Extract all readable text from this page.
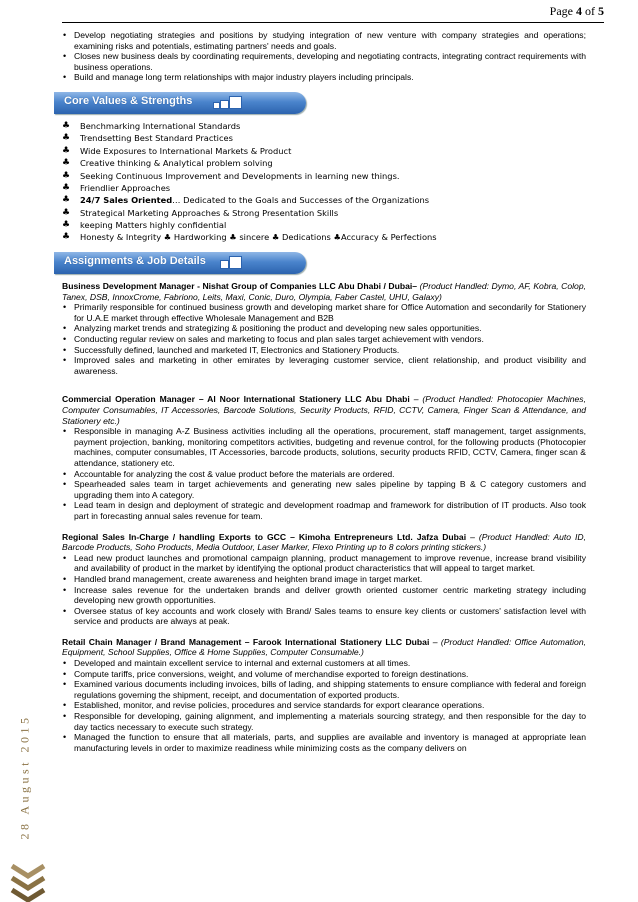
Page 4 of 5
28 August 2015
• Develop negotiating strategies and positions by studying integration of new venture with company strategies and operations; examining risks and potentials, estimating partners' needs and goals.
• Closes new business deals by coordinating requirements, developing and negotiating contracts, integrating contract requirements with business operations.
• Build and manage long term relationships with major industry players including principals.
Core Values & Strengths
♣ Benchmarking International Standards
♣ Trendsetting Best Standard Practices
♣ Wide Exposures to International Markets & Product
♣ Creative thinking & Analytical problem solving
♣ Seeking Continuous Improvement and Developments in learning new things.
♣ Friendlier Approaches
♣ 24/7 Sales Oriented… Dedicated to the Goals and Successes of the Organizations
♣ Strategical Marketing Approaches & Strong Presentation Skills
♣ keeping Matters highly confidential
♣ Honesty & Integrity ♣ Hardworking ♣ sincere ♣ Dedications ♣Accuracy & Perfections
Assignments & Job Details
Business Development Manager - Nishat Group of Companies LLC Abu Dhabi / Dubai– (Product Handled: Dymo, AF, Kobra, Colop, Tanex, DSB, InnoxCrome, Fabriono, Leits, Maxi, Conic, Duro, Olympia, Faber Castel, UHU, Galaxy)
• Primarily responsible for continued business growth and developing market share for Office Automation and secondarily for Stationery for U.A.E market through effective Wholesale Management and B2B
• Analyzing market trends and strategizing & positioning the product and developing new sales opportunities.
• Conducting regular review on sales and marketing to focus and plan sales target achievement with vendors.
• Successfully defined, launched and marketed IT, Electronics and Stationery Products.
• Improved sales and marketing in other emirates by leveraging customer service, client relationship, and product visibility and awareness.
Commercial Operation Manager – Al Noor International Stationery LLC Abu Dhabi – (Product Handled: Photocopier Machines, Computer Consumables, IT Accessories, Barcode Solutions, Security Products, RFID, CCTV, Camera, Finger Scan & Attendance, and Stationery etc.)
• Responsible in managing A-Z Business activities including all the operations, procurement, staff management, target assignments, payment projection, banking, monitoring competitors activities, budgeting and revenue control, for the following products (Photocopier machines, computer consumables, IT Accessories, barcode products, solutions, security products RFID, CCTV, Camera, finger scan & attendance, stationery etc.
• Accountable for analyzing the cost & value product before the materials are ordered.
• Spearheaded sales team in target achievements and generating new sales pipeline by tapping B & C category customers and upgrading them into A category.
• Lead team in design and deployment of strategic and development roadmap and framework for distribution of IT products. Also took part in forecasting annual sales revenue for team.
Regional Sales In-Charge / handling Exports to GCC – Kimoha Entrepreneurs Ltd. Jafza Dubai – (Product Handled: Auto ID, Barcode Products, Soho Products, Media Outdoor, Laser Marker, Flexo Printing up to 8 colors printing stickers.)
• Lead new product launches and promotional campaign planning, product management to improve revenue, increase brand visibility and availability of product in the market by identifying the optional product characteristics that will appeal to target market.
• Handled brand management, create awareness and heighten brand image in target market.
• Increase sales revenue for the undertaken brands and deliver growth oriented customer centric marketing strategy including developing new growth opportunities.
• Oversee status of key accounts and work closely with Brand/ Sales teams to ensure key clients or customers' satisfaction level with service and products are always at peak.
Retail Chain Manager / Brand Management – Farook International Stationery LLC Dubai – (Product Handled: Office Automation, Equipment, School Supplies, Office & Home Supplies, Computer Consumable.)
• Developed and maintain excellent service to internal and external customers at all times.
• Compute tariffs, price conversions, weight, and volume of merchandise exported to foreign destinations.
• Examined various documents including invoices, bills of lading, and shipping statements to ensure compliance with federal and foreign regulations governing the shipment, receipt, and documentation of exported products.
• Established, monitor, and revise policies, procedures and service standards for export clearance operations.
• Responsible for developing, gaining alignment, and implementing a materials sourcing strategy, and then responsible for the day to day tactics necessary to execute such strategy.
• Managed the function to ensure that all materials, parts, and supplies are available and inventory is managed at appropriate lean manufacturing levels in order to maximize readiness while minimizing costs as the company delivers on
